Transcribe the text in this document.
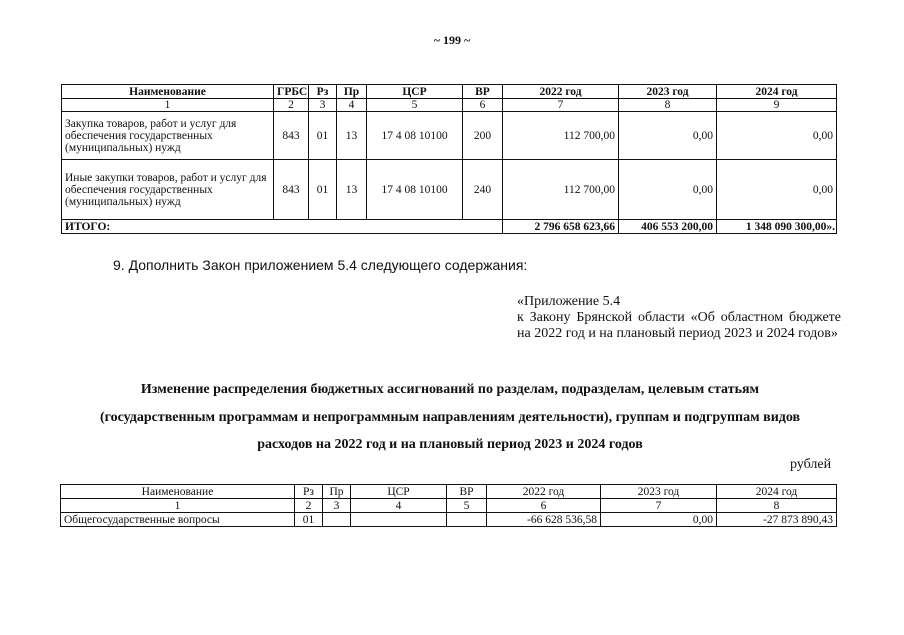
~ 199 ~
Наименование	ГРБС	Рз	Пр	ЦСР	ВР	2022 год	2023 год	2024 год
1	2	3	4	5	6	7	8	9
Закупка товаров, работ и услуг для обеспечения государственных (муниципальных) нужд	843	01	13	17 4 08 10100	200	112 700,00	0,00	0,00
Иные закупки товаров, работ и услуг для обеспечения государственных (муниципальных) нужд	843	01	13	17 4 08 10100	240	112 700,00	0,00	0,00
ИТОГО:						2 796 658 623,66	406 553 200,00	1 348 090 300,00».
9. Дополнить Закон приложением 5.4 следующего содержания:
«Приложение 5.4
к Закону Брянской области «Об областном бюджете на 2022 год и на плановый период 2023 и 2024 годов»
Изменение распределения бюджетных ассигнований по разделам, подразделам, целевым статьям
(государственным программам и непрограммным направлениям деятельности), группам и подгруппам видов
расходов на 2022 год и на плановый период 2023 и 2024 годов
рублей
Наименование	Рз	Пр	ЦСР	ВР	2022 год	2023 год	2024 год
1	2	3	4	5	6	7	8
Общегосударственные вопросы	01				-66 628 536,58	0,00	-27 873 890,43
